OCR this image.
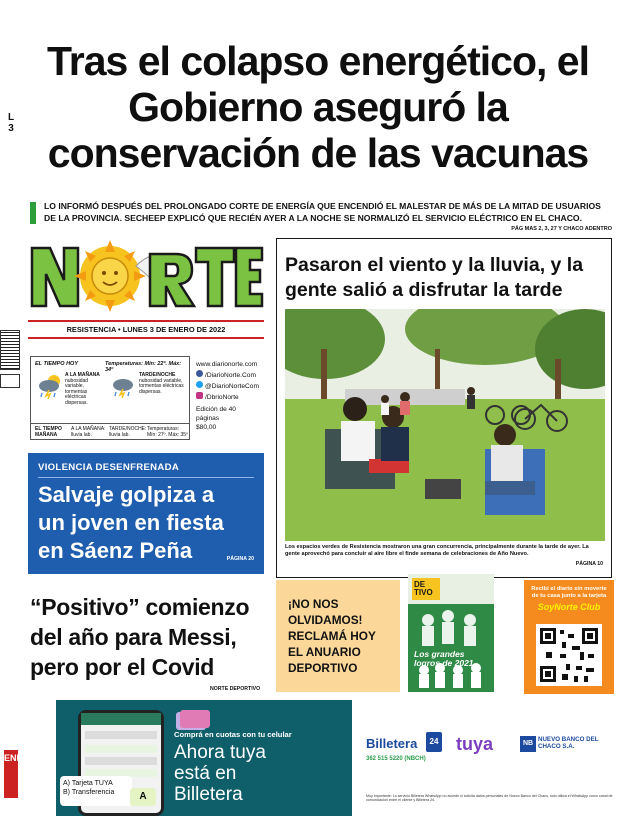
L
3
Tras el colapso energético, el Gobierno aseguró la conservación de las vacunas

LO INFORMÓ DESPUÉS DEL PROLONGADO CORTE DE ENERGÍA QUE ENCENDIÓ EL MALESTAR DE MÁS DE LA MITAD DE USUARIOS DE LA PROVINCIA. SECHEEP EXPLICÓ QUE RECIÉN AYER A LA NOCHE SE NORMALIZÓ EL SERVICIO ELÉCTRICO EN EL CHACO.

PÁG MAS 2, 3, 27 Y CHACO ADENTRO
NORTE
RESISTENCIA • LUNES 3 DE ENERO DE 2022
EL TIEMPO HOY	Temperaturas: Mín: 22º. Máx: 34º
A LA MAÑANA
nubosidad variable, tormentas eléctricas dispersas.
TARDE/NOCHE
nubosidad variable, tormentas eléctricas dispersas.
EL TIEMPO MAÑANA
A LA MAÑANA: lluvia lab.
TARDE/NOCHE: lluvia lab.
Temperaturas: Mín: 27º. Máx: 35º
www.diarionorte.com
/DiarioNorte.Com
@DiarioNorteCom
/DbrioNorte
Edición de 40 páginas
$80,00
VIOLENCIA DESENFRENADA
Salvaje golpiza a un joven en fiesta en Sáenz Peña	PÁGINA 20
“Positivo” comienzo del año para Messi, pero por el Covid
NORTE DEPORTIVO
Pasaron el viento y la lluvia, y la gente salió a disfrutar la tarde
Los espacios verdes de Resistencia mostraron una gran concurrencia, principalmente durante la tarde de ayer. La gente aprovechó para concluir al aire libre el finde semana de celebraciones de Año Nuevo.
PÁGINA 10
¡NO NOS OLVIDAMOS! RECLAMÁ HOY EL ANUARIO DEPORTIVO
DE TIVO
Los grandes logros de 2021
Recibí el diario sin moverte de tu casa junto a la tarjeta
SoyNorte Club
ENE
A) Tarjeta TUYA
B) Transferencia	A
Comprá en cuotas con tu celular
Ahora tuya
está en
Billetera
Billetera	24
362 515 5220 (NBCH)
tuya	NB
NUEVO BANCO DEL CHACO S.A.
Muy importante: Lo servicio Billetera WhatsApp no accede ni solicita datos personales de Nuevo Banco del Chaco, solo utiliza el WhatsApp como canal de comunicación entre el cliente y Billetera 24.
